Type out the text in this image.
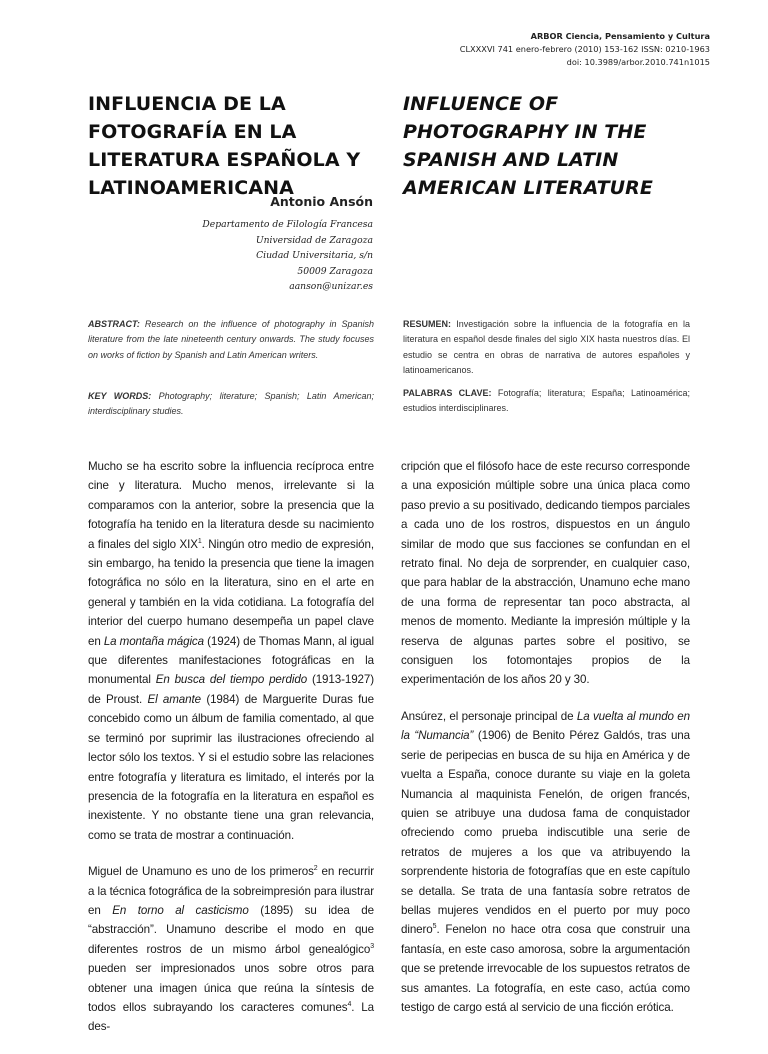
ARBOR Ciencia, Pensamiento y Cultura
CLXXXVI 741 enero-febrero (2010) 153-162 ISSN: 0210-1963
doi: 10.3989/arbor.2010.741n1015
INFLUENCIA DE LA FOTOGRAFÍA EN LA LITERATURA ESPAÑOLA Y LATINOAMERICANA
INFLUENCE OF PHOTOGRAPHY IN THE SPANISH AND LATIN AMERICAN LITERATURE
Antonio Ansón
Departamento de Filología Francesa
Universidad de Zaragoza
Ciudad Universitaria, s/n
50009 Zaragoza
aanson@unizar.es
ABSTRACT: Research on the influence of photography in Spanish literature from the late nineteenth century onwards. The study focuses on works of fiction by Spanish and Latin American writers.
KEY WORDS: Photography; literature; Spanish; Latin American; interdisciplinary studies.
RESUMEN: Investigación sobre la influencia de la fotografía en la literatura en español desde finales del siglo XIX hasta nuestros días. El estudio se centra en obras de narrativa de autores españoles y latinoamericanos.
PALABRAS CLAVE: Fotografía; literatura; España; Latinoamérica; estudios interdisciplinares.

Mucho se ha escrito sobre la influencia recíproca entre cine y literatura. Mucho menos, irrelevante si la comparamos con la anterior, sobre la presencia que la fotografía ha tenido en la literatura desde su nacimiento a finales del siglo XIX$^1$. Ningún otro medio de expresión, sin embargo, ha tenido la presencia que tiene la imagen fotográfica no sólo en la literatura, sino en el arte en general y también en la vida cotidiana. La fotografía del interior del cuerpo humano desempeña un papel clave en La montaña mágica (1924) de Thomas Mann, al igual que diferentes manifestaciones fotográficas en la monumental En busca del tiempo perdido (1913-1927) de Proust. El amante (1984) de Marguerite Duras fue concebido como un álbum de familia comentado, al que se terminó por suprimir las ilustraciones ofreciendo al lector sólo los textos. Y si el estudio sobre las relaciones entre fotografía y literatura es limitado, el interés por la presencia de la fotografía en la literatura en español es inexistente. Y no obstante tiene una gran relevancia, como se trata de mostrar a continuación.

Miguel de Unamuno es uno de los primeros$^2$ en recurrir a la técnica fotográfica de la sobreimpresión para ilustrar en En torno al casticismo (1895) su idea de “abstracción”. Unamuno describe el modo en que diferentes rostros de un mismo árbol genealógico$^3$ pueden ser impresionados unos sobre otros para obtener una imagen única que reúna la síntesis de todos ellos subrayando los caracteres comunes$^4$. La des-

cripción que el filósofo hace de este recurso corresponde a una exposición múltiple sobre una única placa como paso previo a su positivado, dedicando tiempos parciales a cada uno de los rostros, dispuestos en un ángulo similar de modo que sus facciones se confundan en el retrato final. No deja de sorprender, en cualquier caso, que para hablar de la abstracción, Unamuno eche mano de una forma de representar tan poco abstracta, al menos de momento. Mediante la impresión múltiple y la reserva de algunas partes sobre el positivo, se consiguen los fotomontajes propios de la experimentación de los años 20 y 30.

Ansúrez, el personaje principal de La vuelta al mundo en la “Numancia” (1906) de Benito Pérez Galdós, tras una serie de peripecias en busca de su hija en América y de vuelta a España, conoce durante su viaje en la goleta Numancia al maquinista Fenelón, de origen francés, quien se atribuye una dudosa fama de conquistador ofreciendo como prueba indiscutible una serie de retratos de mujeres a los que va atribuyendo la sorprendente historia de fotografías que en este capítulo se detalla. Se trata de una fantasía sobre retratos de bellas mujeres vendidos en el puerto por muy poco dinero$^5$. Fenelon no hace otra cosa que construir una fantasía, en este caso amorosa, sobre la argumentación que se pretende irrevocable de los supuestos retratos de sus amantes. La fotografía, en este caso, actúa como testigo de cargo está al servicio de una ficción erótica.
